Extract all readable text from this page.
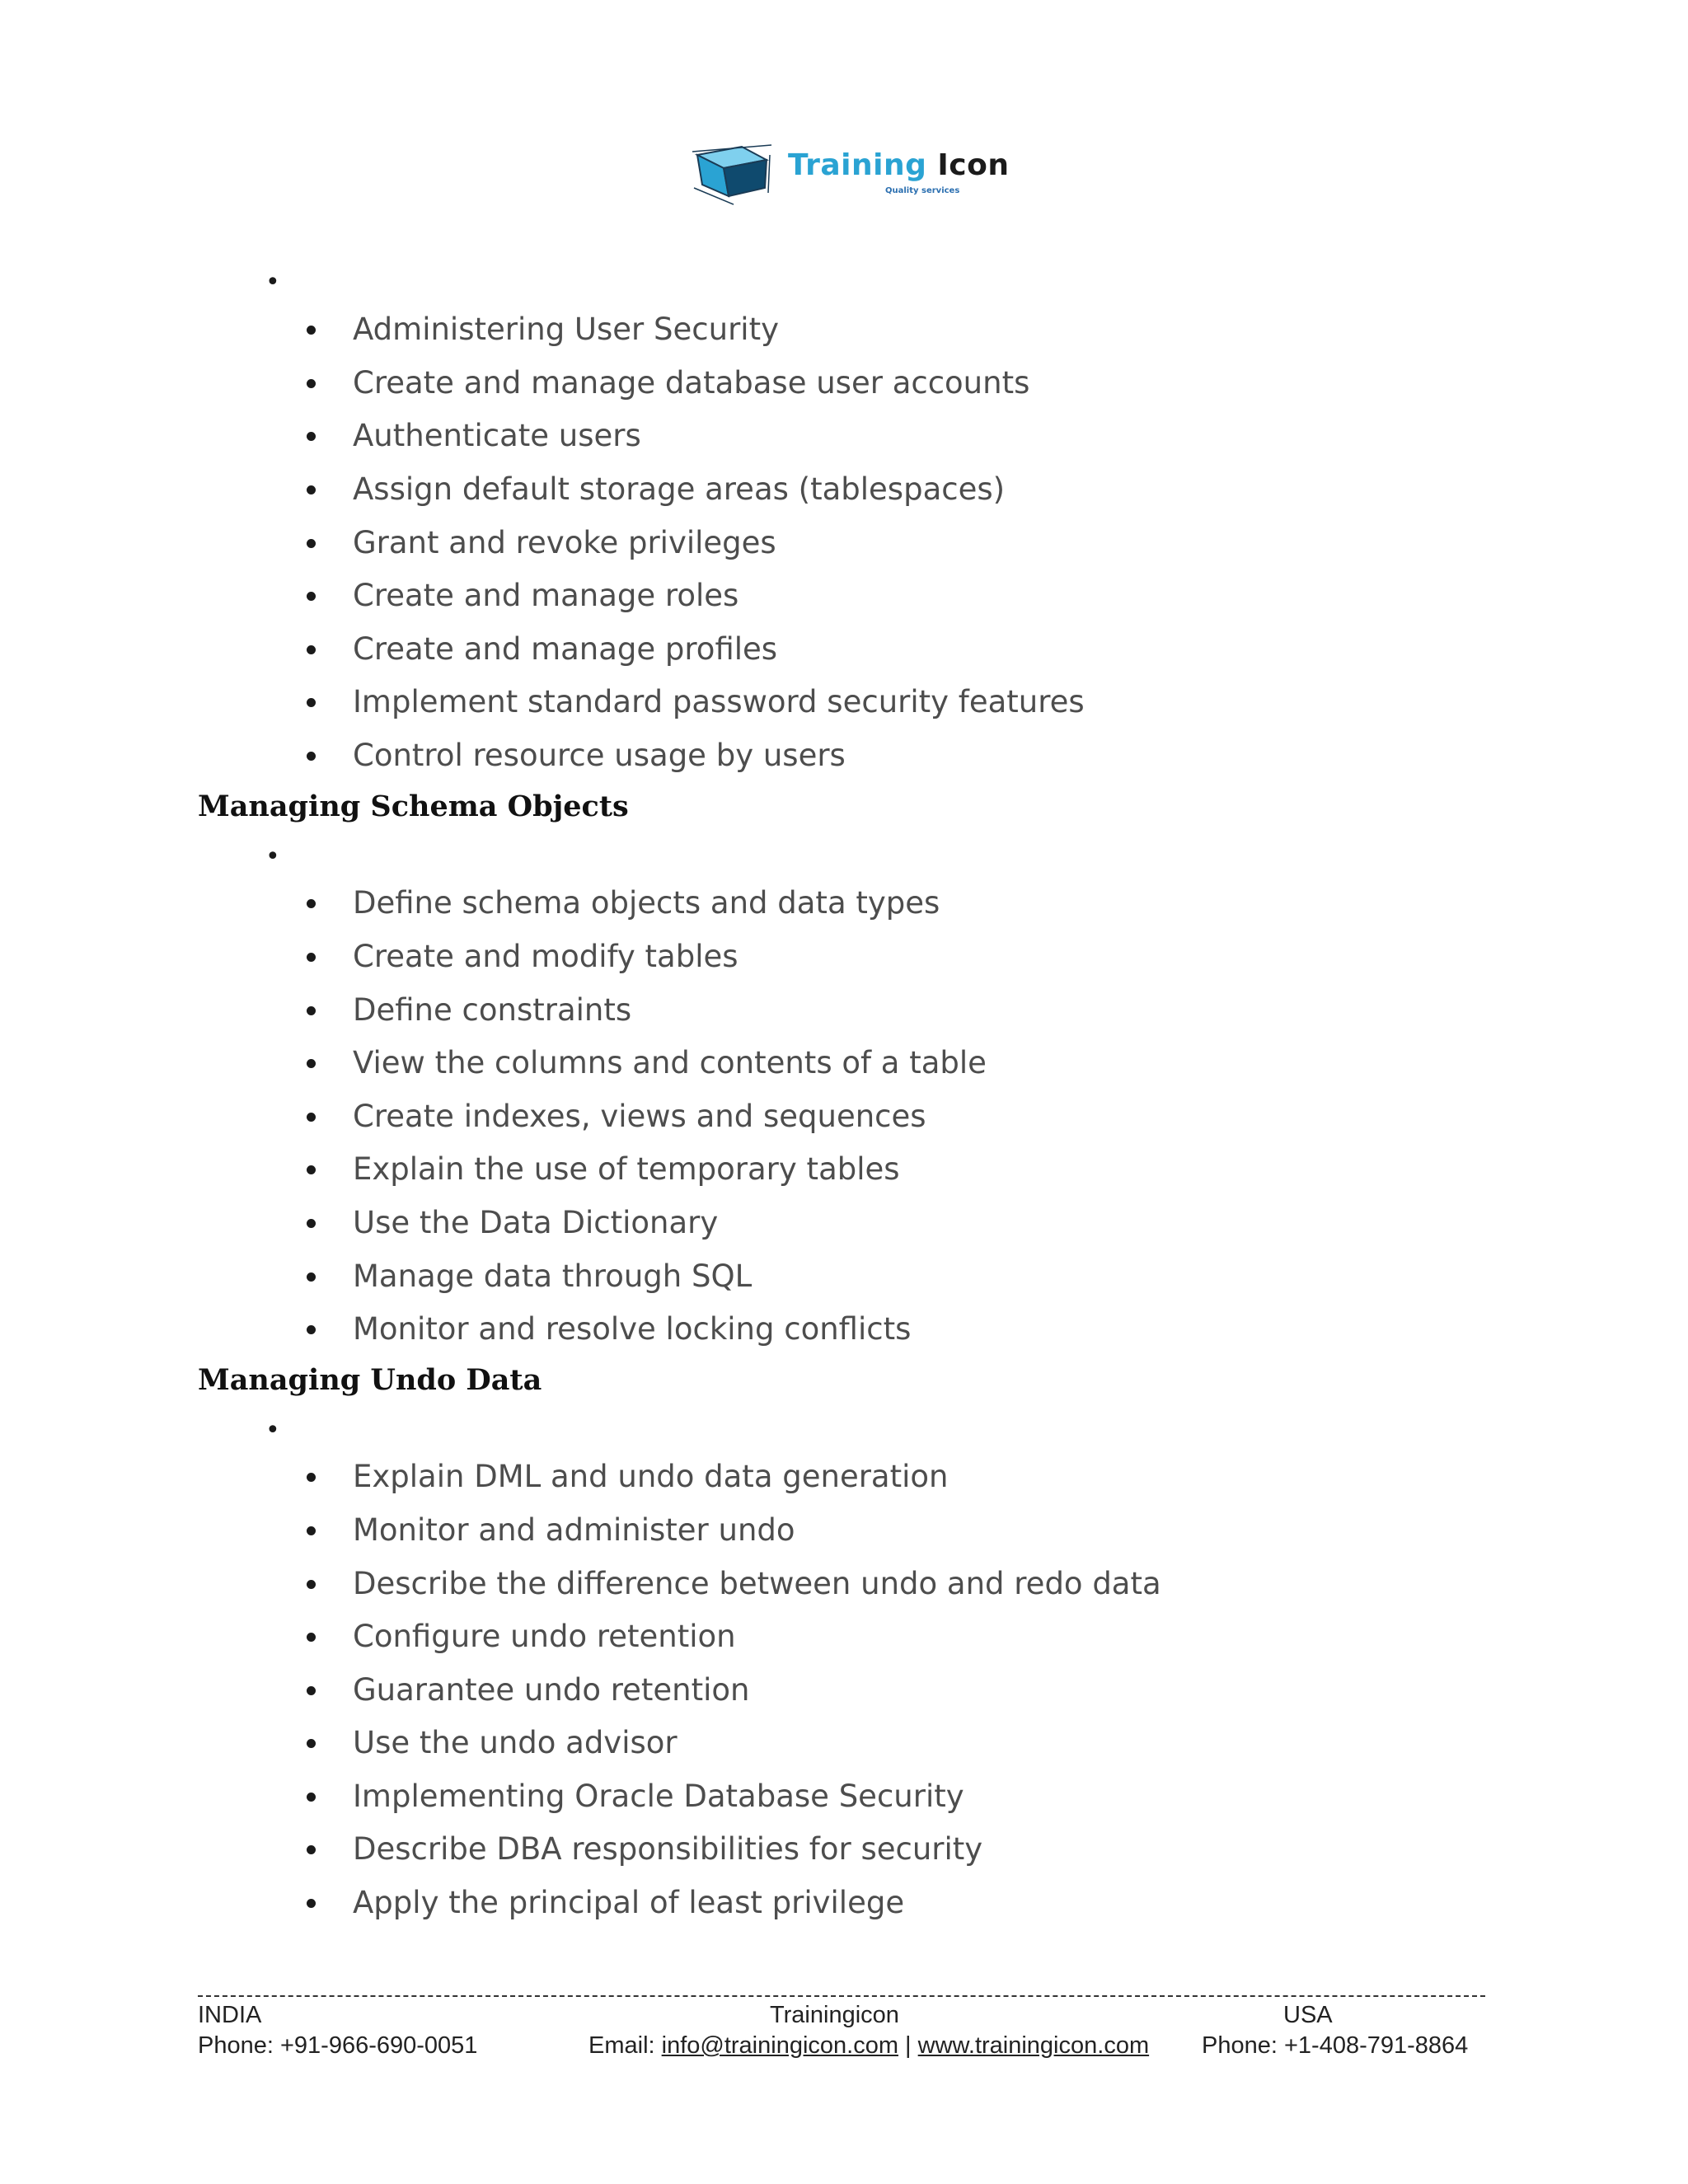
Training Icon
Quality services
•
Administering User Security
Create and manage database user accounts
Authenticate users
Assign default storage areas (tablespaces)
Grant and revoke privileges
Create and manage roles
Create and manage profiles
Implement standard password security features
Control resource usage by users
Managing Schema Objects
•
Define schema objects and data types
Create and modify tables
Define constraints
View the columns and contents of a table
Create indexes, views and sequences
Explain the use of temporary tables
Use the Data Dictionary
Manage data through SQL
Monitor and resolve locking conflicts
Managing Undo Data
•
Explain DML and undo data generation
Monitor and administer undo
Describe the difference between undo and redo data
Configure undo retention
Guarantee undo retention
Use the undo advisor
Implementing Oracle Database Security
Describe DBA responsibilities for security
Apply the principal of least privilege
INDIA
Phone: +91-966-690-0051
Trainingicon
Email: info@trainingicon.com | www.trainingicon.com
USA
Phone: +1-408-791-8864
